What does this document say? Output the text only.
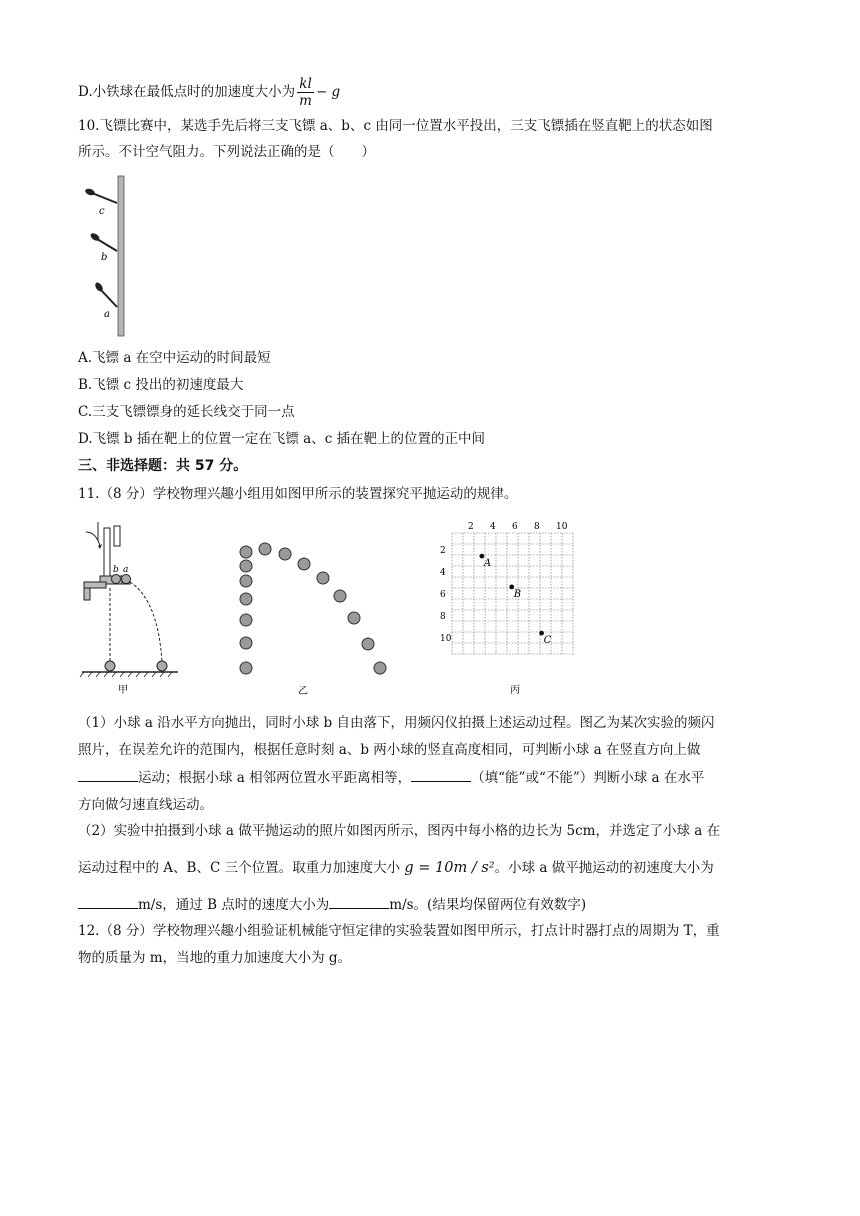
D.小铁球在最低点时的加速度大小为 $\frac{kl}{m} - g$
10.飞镖比赛中，某选手先后将三支飞镖 a、b、c 由同一位置水平投出，三支飞镖插在竖直靶上的状态如图
所示。不计空气阻力。下列说法正确的是（　　）
c
b
a
A.飞镖 a 在空中运动的时间最短
B.飞镖 c 投出的初速度最大
C.三支飞镖镖身的延长线交于同一点
D.飞镖 b 插在靶上的位置一定在飞镖 a、c 插在靶上的位置的正中间
三、非选择题：共 57 分。
11.（8 分）学校物理兴趣小组用如图甲所示的装置探究平抛运动的规律。
b a
甲	乙
2 4 6 8 10
2
4
6
8
10
A
B
C
丙
（1）小球 a 沿水平方向抛出，同时小球 b 自由落下，用频闪仪拍摄上述运动过程。图乙为某次实验的频闪
照片，在误差允许的范围内，根据任意时刻 a、b 两小球的竖直高度相同，可判断小球 a 在竖直方向上做
运动；根据小球 a 相邻两位置水平距离相等，	（填“能”或“不能”）判断小球 a 在水平
方向做匀速直线运动。
（2）实验中拍摄到小球 a 做平抛运动的照片如图丙所示，图丙中每小格的边长为 5cm，并选定了小球 a 在
运动过程中的 A、B、C 三个位置。取重力加速度大小 g = 10m / s²。小球 a 做平抛运动的初速度大小为
m/s，通过 B 点时的速度大小为	m/s。(结果均保留两位有效数字)
12.（8 分）学校物理兴趣小组验证机械能守恒定律的实验装置如图甲所示，打点计时器打点的周期为 T，重
物的质量为 m，当地的重力加速度大小为 g。
